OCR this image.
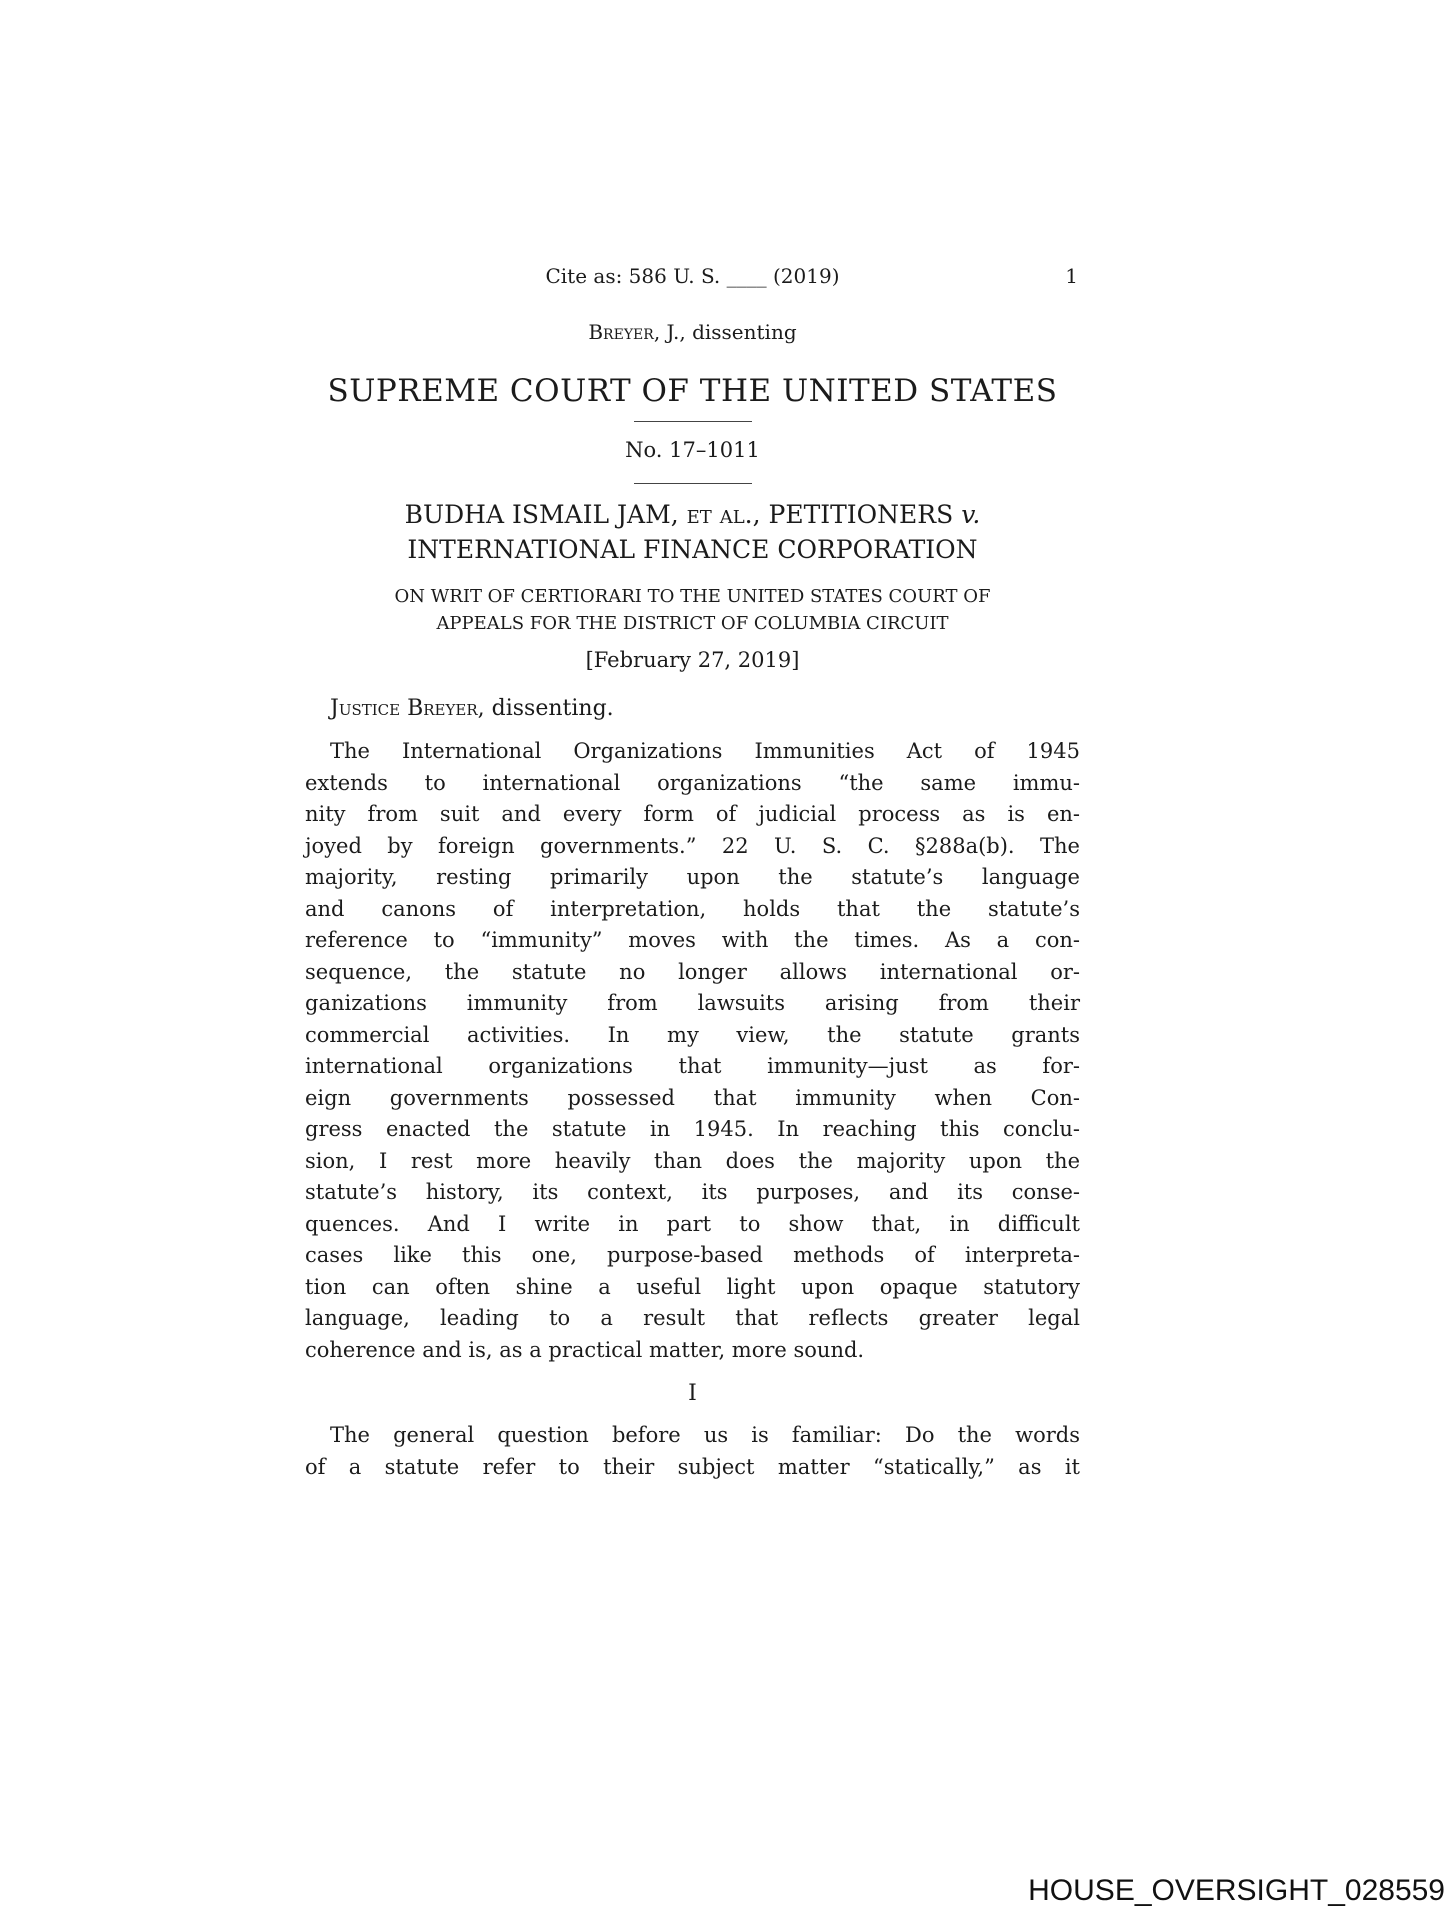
Cite as: 586 U. S. ____ (2019)	1
Breyer, J., dissenting
SUPREME COURT OF THE UNITED STATES
No. 17–1011
BUDHA ISMAIL JAM, et al., PETITIONERS v.
INTERNATIONAL FINANCE CORPORATION
ON WRIT OF CERTIORARI TO THE UNITED STATES COURT OF
APPEALS FOR THE DISTRICT OF COLUMBIA CIRCUIT
[February 27, 2019]
Justice Breyer, dissenting.
The International Organizations Immunities Act of 1945
extends to international organizations “the same immu-
nity from suit and every form of judicial process as is en-
joyed by foreign governments.” 22 U. S. C. §288a(b). The
majority, resting primarily upon the statute’s language
and canons of interpretation, holds that the statute’s
reference to “immunity” moves with the times. As a con-
sequence, the statute no longer allows international or-
ganizations immunity from lawsuits arising from their
commercial activities. In my view, the statute grants
international organizations that immunity—just as for-
eign governments possessed that immunity when Con-
gress enacted the statute in 1945. In reaching this conclu-
sion, I rest more heavily than does the majority upon the
statute’s history, its context, its purposes, and its conse-
quences. And I write in part to show that, in difficult
cases like this one, purpose-based methods of interpreta-
tion can often shine a useful light upon opaque statutory
language, leading to a result that reflects greater legal
coherence and is, as a practical matter, more sound.
I
The general question before us is familiar: Do the words
of a statute refer to their subject matter “statically,” as it
HOUSE_OVERSIGHT_028559
